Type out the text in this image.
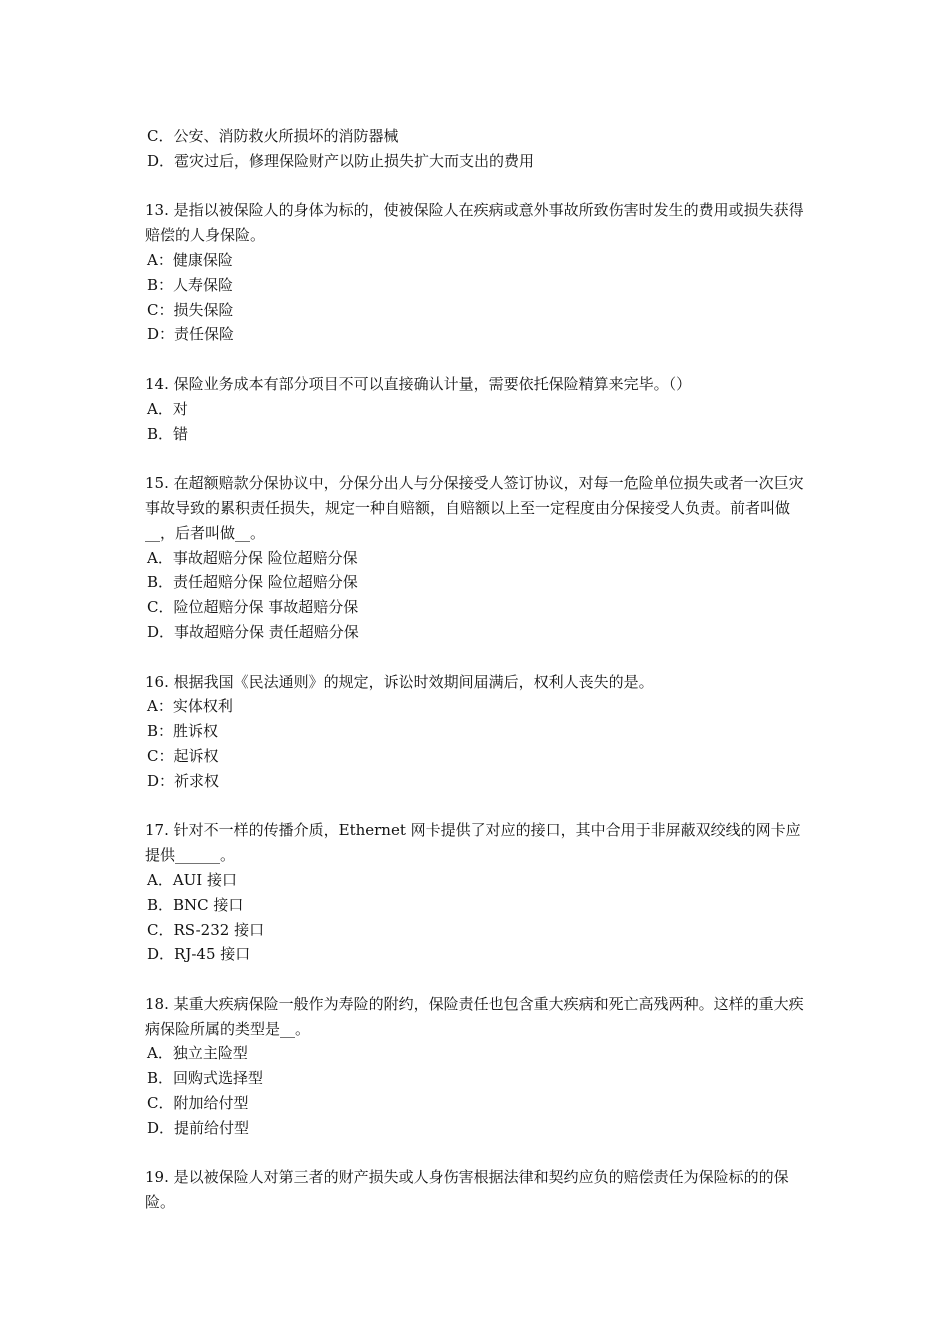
C．公安、消防救火所损坏的消防器械

D．雹灾过后，修理保险财产以防止损失扩大而支出的费用

13. 是指以被保险人的身体为标的，使被保险人在疾病或意外事故所致伤害时发生的费用或损失获得赔偿的人身保险。

A：健康保险

B：人寿保险

C：损失保险

D：责任保险

14. 保险业务成本有部分项目不可以直接确认计量，需要依托保险精算来完毕。（）

A．对

B．错

15. 在超额赔款分保协议中，分保分出人与分保接受人签订协议，对每一危险单位损失或者一次巨灾事故导致的累积责任损失，规定一种自赔额，自赔额以上至一定程度由分保接受人负责。前者叫做__，后者叫做__。

A．事故超赔分保 险位超赔分保

B．责任超赔分保 险位超赔分保

C．险位超赔分保 事故超赔分保

D．事故超赔分保 责任超赔分保

16. 根据我国《民法通则》的规定，诉讼时效期间届满后，权利人丧失的是。

A：实体权利

B：胜诉权

C：起诉权

D：祈求权

17. 针对不一样的传播介质，Ethernet 网卡提供了对应的接口，其中合用于非屏蔽双绞线的网卡应提供______。

A．AUI 接口

B．BNC 接口

C．RS-232 接口

D．RJ-45 接口

18. 某重大疾病保险一般作为寿险的附约，保险责任也包含重大疾病和死亡高残两种。这样的重大疾病保险所属的类型是__。

A．独立主险型

B．回购式选择型

C．附加给付型

D．提前给付型

19. 是以被保险人对第三者的财产损失或人身伤害根据法律和契约应负的赔偿责任为保险标的的保险。
